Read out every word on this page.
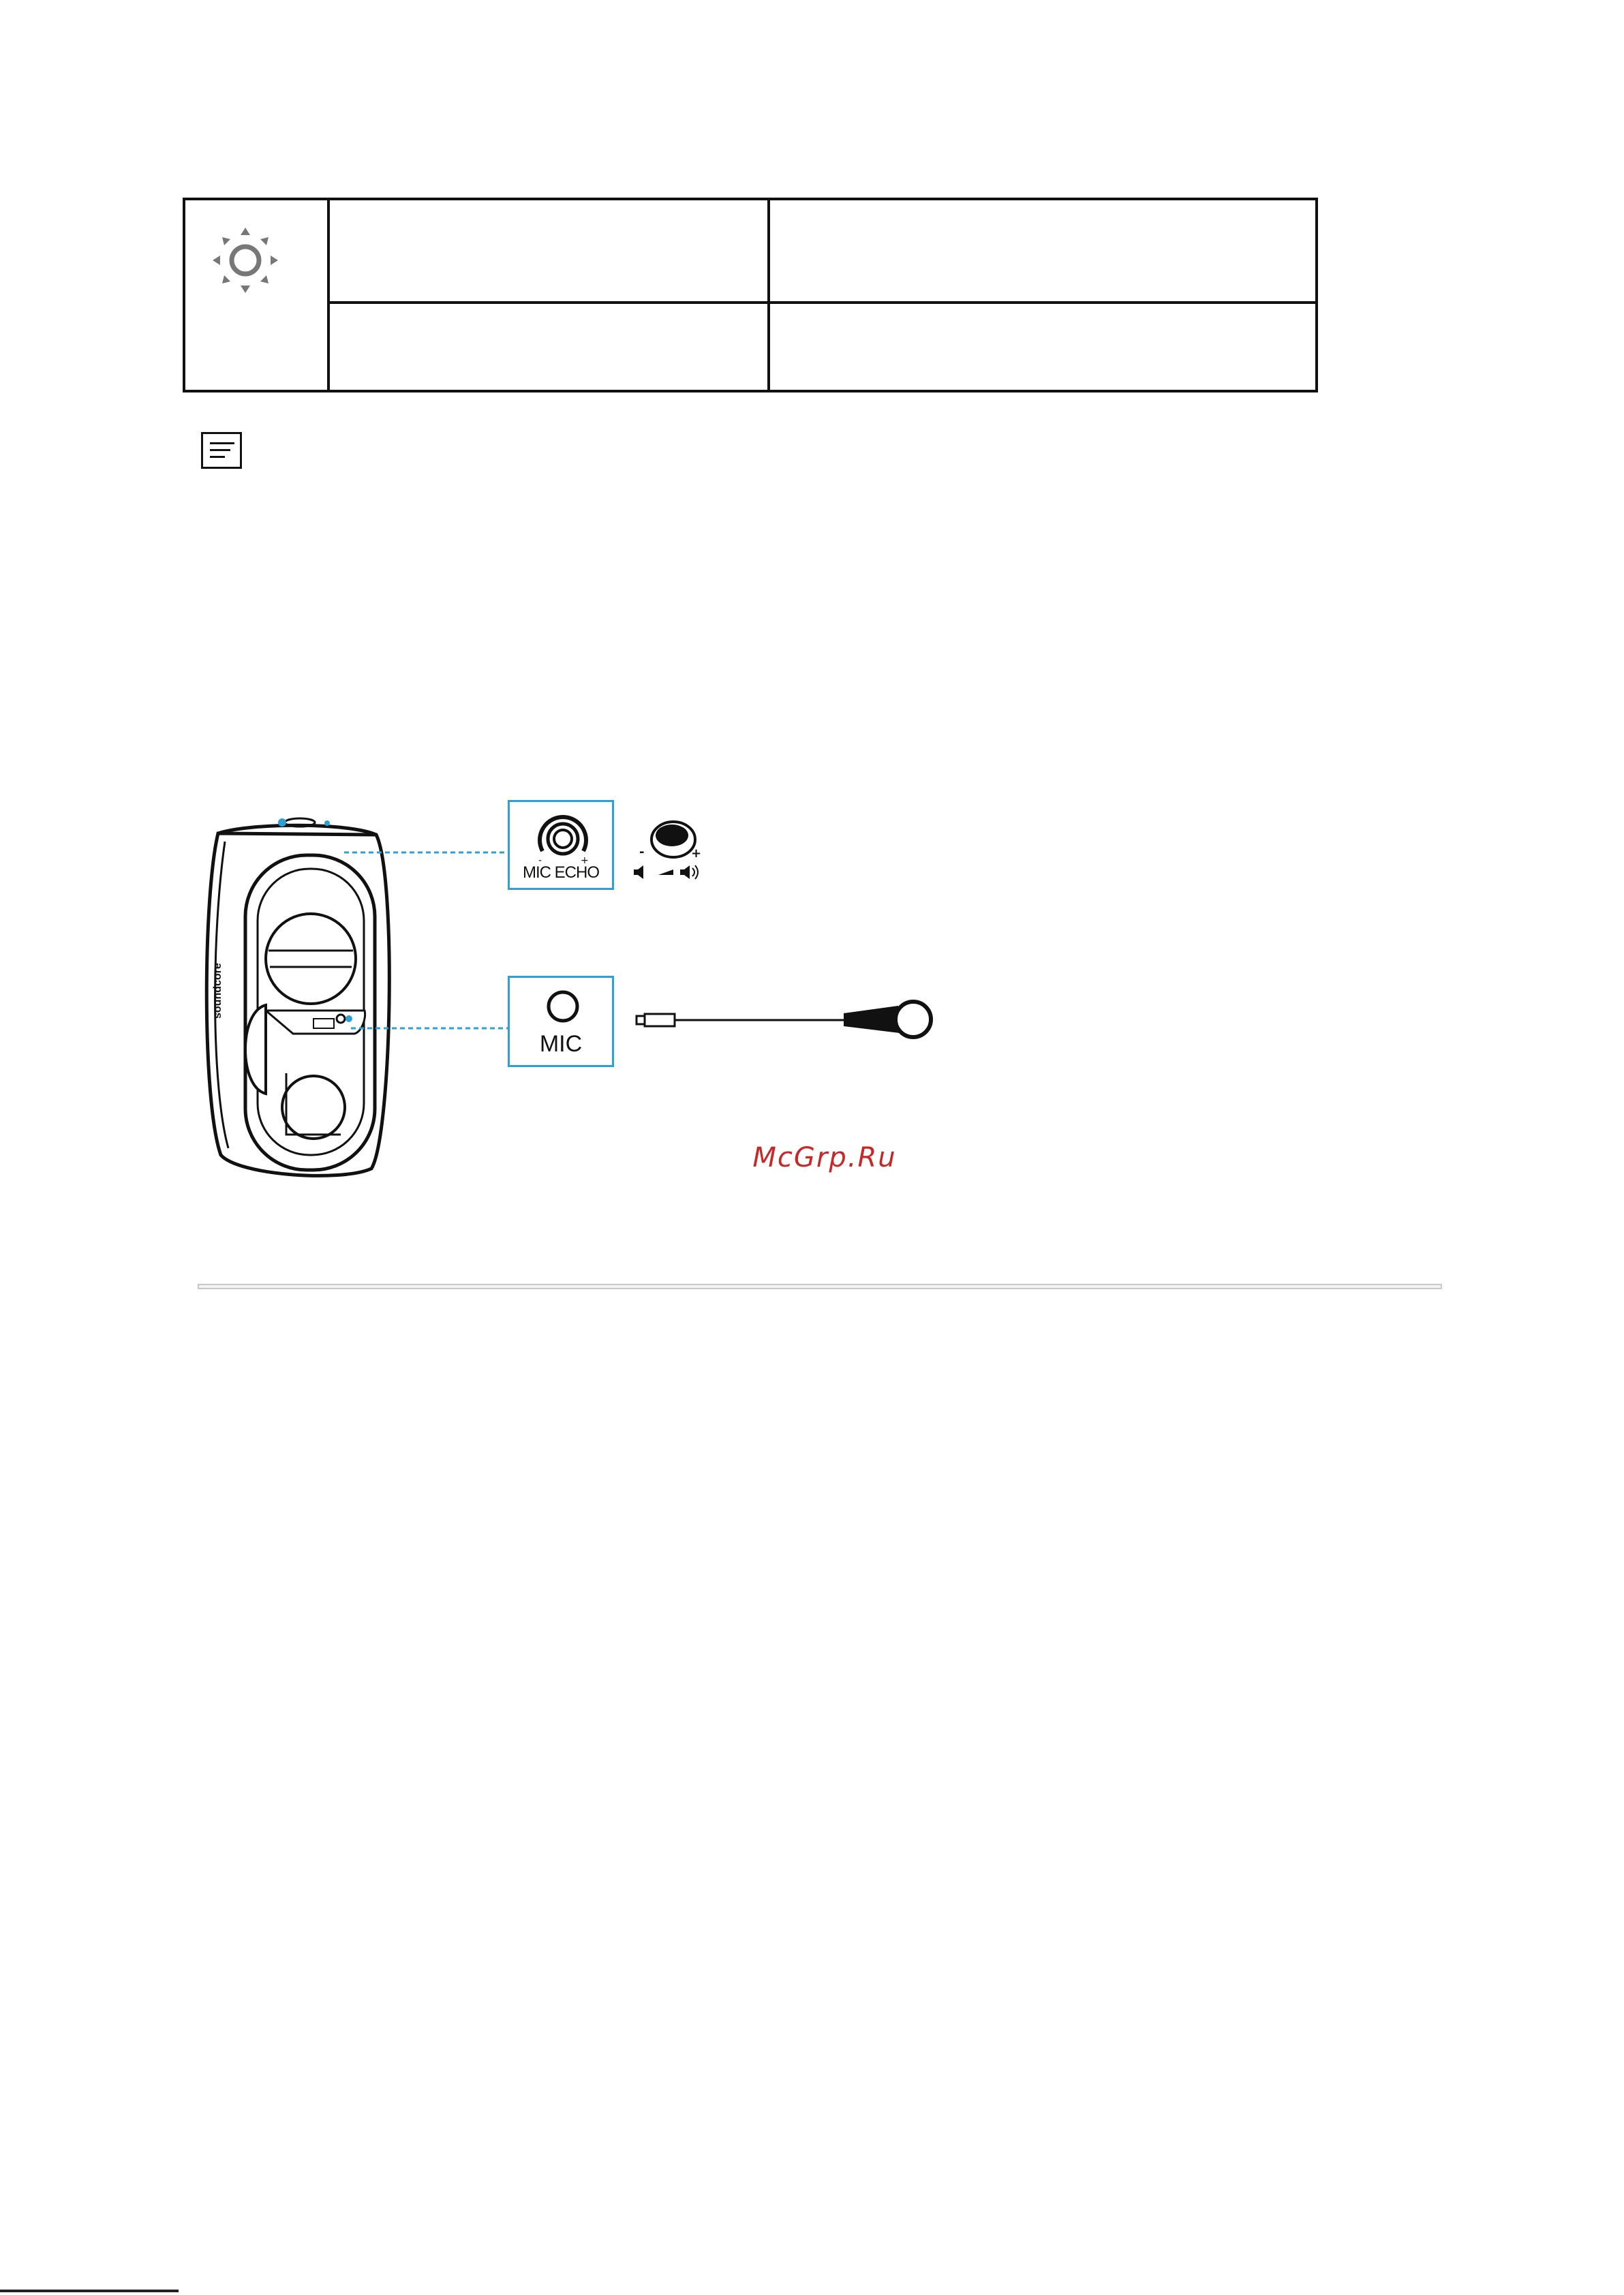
soundcore
-	+
MIC ECHO
-	+
MIC
McGrp.Ru
